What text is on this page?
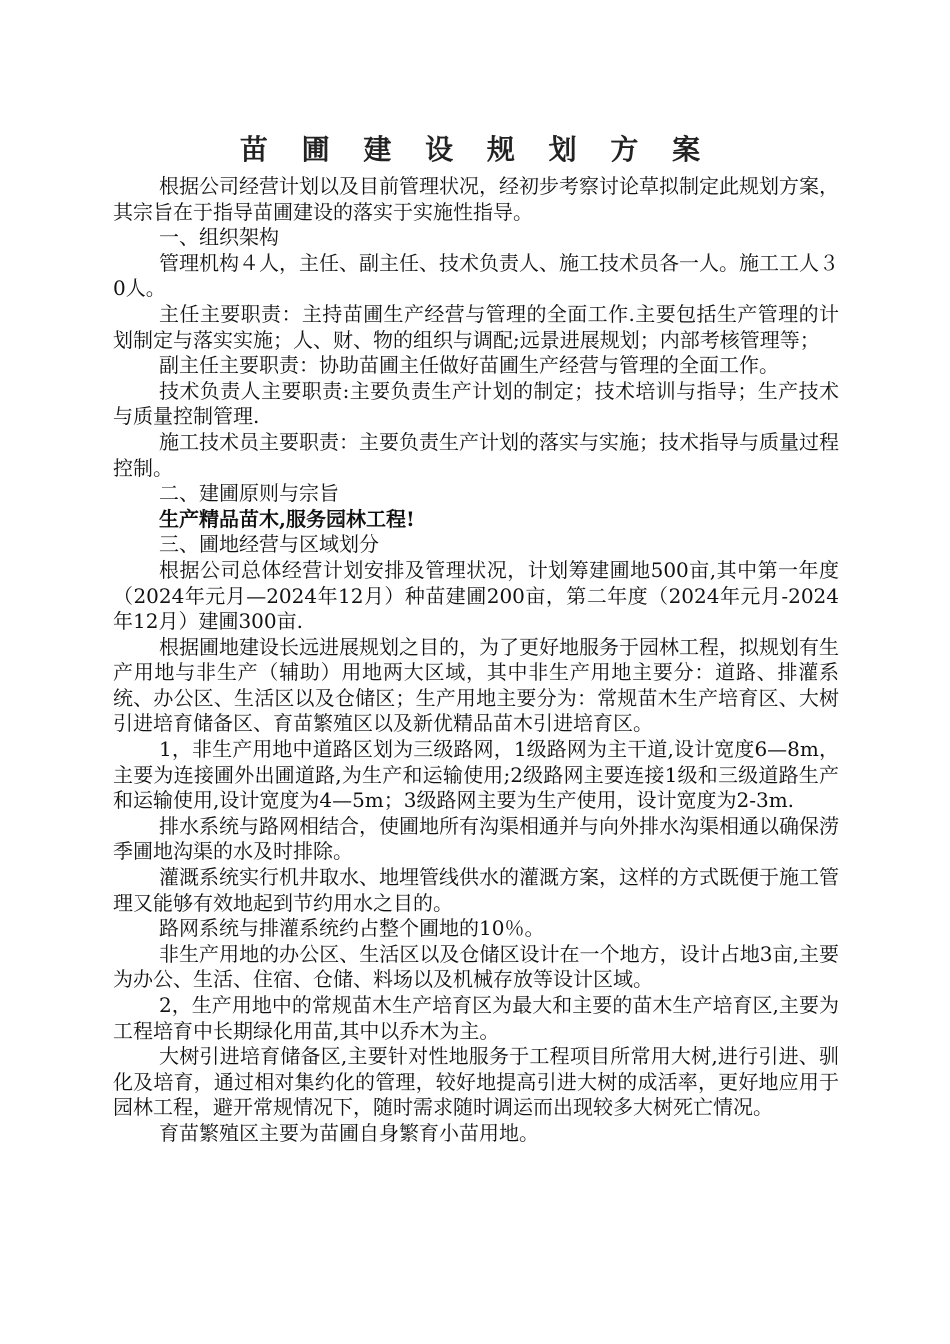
苗 圃 建 设 规 划 方 案

根据公司经营计划以及目前管理状况，经初步考察讨论草拟制定此规划方案，其宗旨在于指导苗圃建设的落实于实施性指导。

一、组织架构

管理机构４人，主任、副主任、技术负责人、施工技术员各一人。施工工人３0人。

主任主要职责：主持苗圃生产经营与管理的全面工作.主要包括生产管理的计划制定与落实实施；人、财、物的组织与调配;远景进展规划；内部考核管理等；

副主任主要职责：协助苗圃主任做好苗圃生产经营与管理的全面工作。

技术负责人主要职责:主要负责生产计划的制定；技术培训与指导；生产技术与质量控制管理.

施工技术员主要职责：主要负责生产计划的落实与实施；技术指导与质量过程控制。

二、建圃原则与宗旨

生产精品苗木,服务园林工程!

三、圃地经营与区域划分

根据公司总体经营计划安排及管理状况，计划筹建圃地500亩,其中第一年度（2024年元月—2024年12月）种苗建圃200亩，第二年度（2024年元月-2024年12月）建圃300亩.

根据圃地建设长远进展规划之目的，为了更好地服务于园林工程，拟规划有生产用地与非生产（辅助）用地两大区域，其中非生产用地主要分：道路、排灌系统、办公区、生活区以及仓储区；生产用地主要分为：常规苗木生产培育区、大树引进培育储备区、育苗繁殖区以及新优精品苗木引进培育区。

1，非生产用地中道路区划为三级路网，1级路网为主干道,设计宽度6—8m，主要为连接圃外出圃道路,为生产和运输使用;2级路网主要连接1级和三级道路生产和运输使用,设计宽度为4—5m；3级路网主要为生产使用，设计宽度为2-3m.

排水系统与路网相结合，使圃地所有沟渠相通并与向外排水沟渠相通以确保涝季圃地沟渠的水及时排除。

灌溉系统实行机井取水、地埋管线供水的灌溉方案，这样的方式既便于施工管理又能够有效地起到节约用水之目的。

路网系统与排灌系统约占整个圃地的10％。

非生产用地的办公区、生活区以及仓储区设计在一个地方，设计占地3亩,主要为办公、生活、住宿、仓储、料场以及机械存放等设计区域。

2，生产用地中的常规苗木生产培育区为最大和主要的苗木生产培育区,主要为工程培育中长期绿化用苗,其中以乔木为主。

大树引进培育储备区,主要针对性地服务于工程项目所常用大树,进行引进、驯化及培育，通过相对集约化的管理，较好地提高引进大树的成活率，更好地应用于园林工程，避开常规情况下，随时需求随时调运而出现较多大树死亡情况。

育苗繁殖区主要为苗圃自身繁育小苗用地。
